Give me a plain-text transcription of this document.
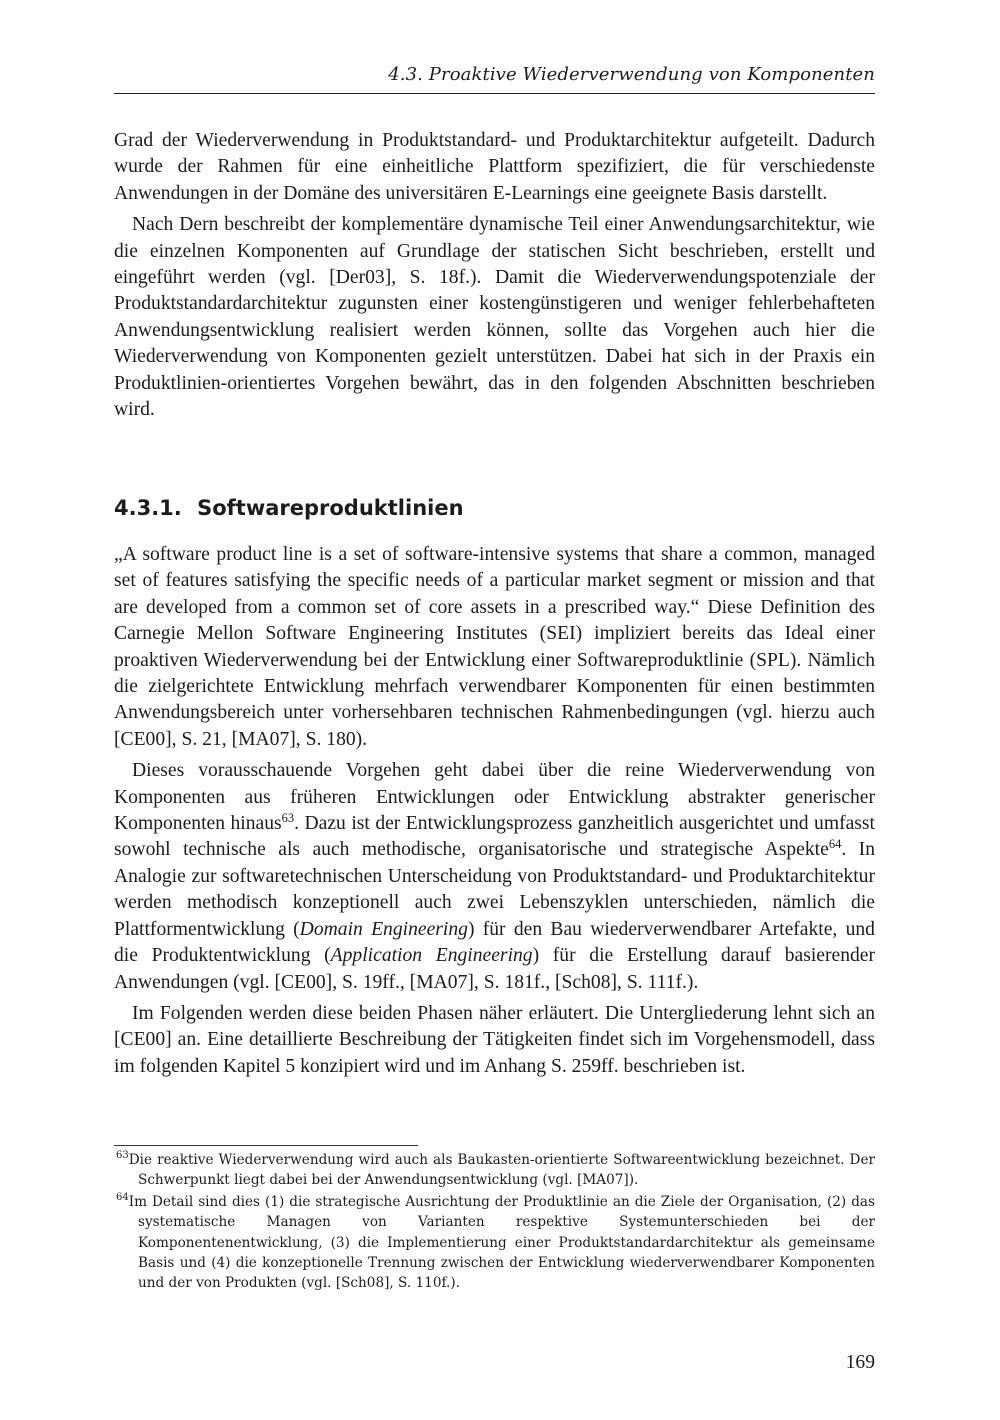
4.3. Proaktive Wiederverwendung von Komponenten

Grad der Wiederverwendung in Produktstandard- und Produktarchitektur aufgeteilt. Dadurch wurde der Rahmen für eine einheitliche Plattform spezifiziert, die für verschiedenste Anwendungen in der Domäne des universitären E-Learnings eine geeignete Basis darstellt.

Nach Dern beschreibt der komplementäre dynamische Teil einer Anwendungsarchitektur, wie die einzelnen Komponenten auf Grundlage der statischen Sicht beschrieben, erstellt und eingeführt werden (vgl. [Der03], S. 18f.). Damit die Wiederverwendungspotenziale der Produktstandardarchitektur zugunsten einer kostengünstigeren und weniger fehlerbehafteten Anwendungsentwicklung realisiert werden können, sollte das Vorgehen auch hier die Wiederverwendung von Komponenten gezielt unterstützen. Dabei hat sich in der Praxis ein Produktlinien-orientiertes Vorgehen bewährt, das in den folgenden Abschnitten beschrieben wird.

4.3.1. Softwareproduktlinien

„A software product line is a set of software-intensive systems that share a common, managed set of features satisfying the specific needs of a particular market segment or mission and that are developed from a common set of core assets in a prescribed way.“ Diese Definition des Carnegie Mellon Software Engineering Institutes (SEI) impliziert bereits das Ideal einer proaktiven Wiederverwendung bei der Entwicklung einer Softwareproduktlinie (SPL). Nämlich die zielgerichtete Entwicklung mehrfach verwendbarer Komponenten für einen bestimmten Anwendungsbereich unter vorhersehbaren technischen Rahmenbedingungen (vgl. hierzu auch [CE00], S. 21, [MA07], S. 180).

Dieses vorausschauende Vorgehen geht dabei über die reine Wiederverwendung von Komponenten aus früheren Entwicklungen oder Entwicklung abstrakter generischer Komponenten hinaus$^{63}$. Dazu ist der Entwicklungsprozess ganzheitlich ausgerichtet und umfasst sowohl technische als auch methodische, organisatorische und strategische Aspekte$^{64}$. In Analogie zur softwaretechnischen Unterscheidung von Produktstandard- und Produktarchitektur werden methodisch konzeptionell auch zwei Lebenszyklen unterschieden, nämlich die Plattformentwicklung (Domain Engineering) für den Bau wiederverwendbarer Artefakte, und die Produktentwicklung (Application Engineering) für die Erstellung darauf basierender Anwendungen (vgl. [CE00], S. 19ff., [MA07], S. 181f., [Sch08], S. 111f.).

Im Folgenden werden diese beiden Phasen näher erläutert. Die Untergliederung lehnt sich an [CE00] an. Eine detaillierte Beschreibung der Tätigkeiten findet sich im Vorgehensmodell, dass im folgenden Kapitel 5 konzipiert wird und im Anhang S. 259ff. beschrieben ist.

$^{63}$Die reaktive Wiederverwendung wird auch als Baukasten-orientierte Softwareentwicklung bezeichnet. Der Schwerpunkt liegt dabei bei der Anwendungsentwicklung (vgl. [MA07]).

$^{64}$Im Detail sind dies (1) die strategische Ausrichtung der Produktlinie an die Ziele der Organisation, (2) das systematische Managen von Varianten respektive Systemunterschieden bei der Komponentenentwicklung, (3) die Implementierung einer Produktstandardarchitektur als gemeinsame Basis und (4) die konzeptionelle Trennung zwischen der Entwicklung wiederverwendbarer Komponenten und der von Produkten (vgl. [Sch08], S. 110f.).

169
